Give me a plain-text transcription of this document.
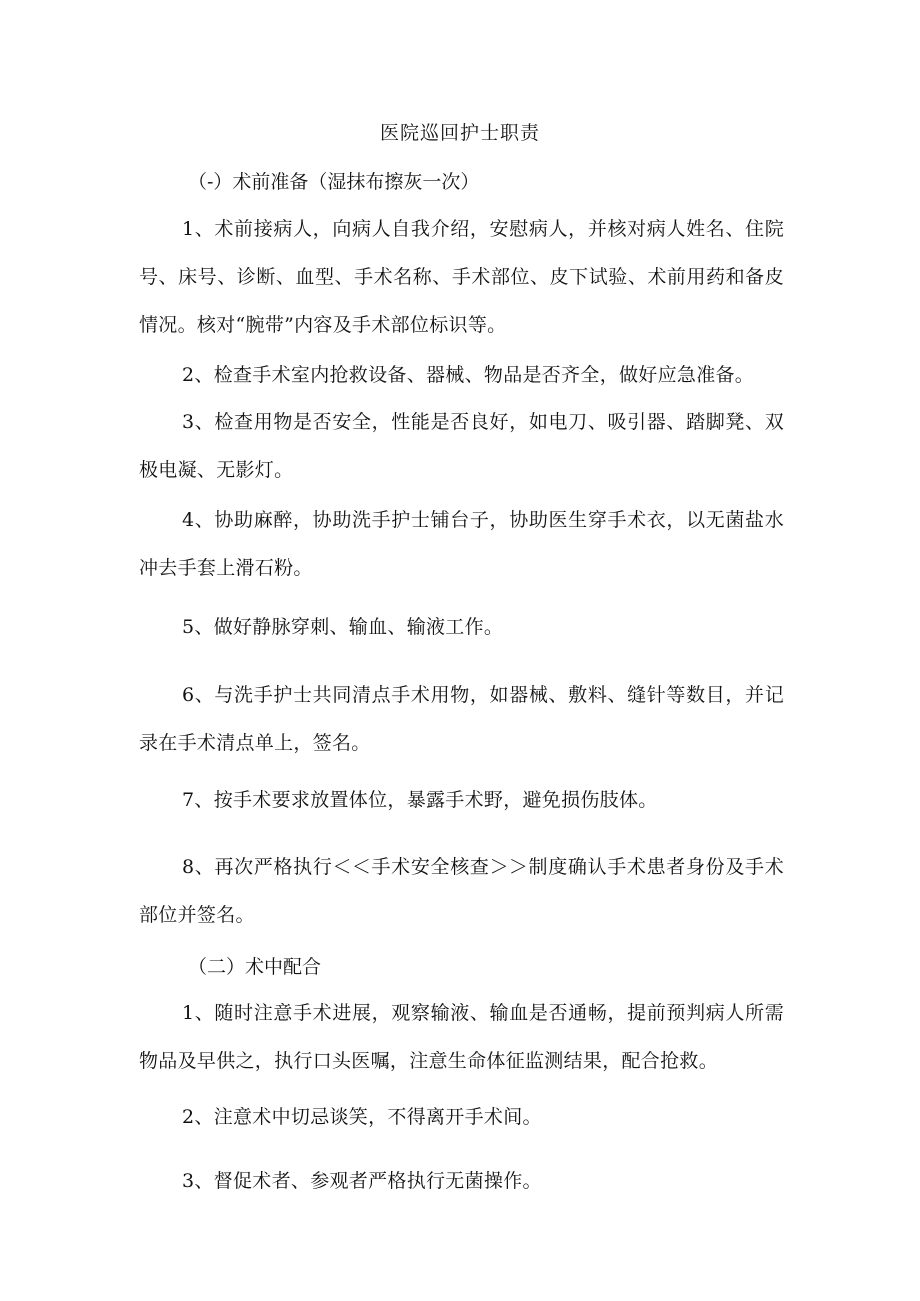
医院巡回护士职责
（-）术前准备（湿抹布擦灰一次）

1、术前接病人，向病人自我介绍，安慰病人，并核对病人姓名、住院号、床号、诊断、血型、手术名称、手术部位、皮下试验、术前用药和备皮情况。核对“腕带”内容及手术部位标识等。

2、检查手术室内抢救设备、器械、物品是否齐全，做好应急准备。

3、检查用物是否安全，性能是否良好，如电刀、吸引器、踏脚凳、双极电凝、无影灯。

4、协助麻醉，协助洗手护士铺台子，协助医生穿手术衣，以无菌盐水冲去手套上滑石粉。

5、做好静脉穿刺、输血、输液工作。

6、与洗手护士共同清点手术用物，如器械、敷料、缝针等数目，并记录在手术清点单上，签名。

7、按手术要求放置体位，暴露手术野，避免损伤肢体。

8、再次严格执行＜＜手术安全核查＞＞制度确认手术患者身份及手术部位并签名。

（二）术中配合

1、随时注意手术进展，观察输液、输血是否通畅，提前预判病人所需物品及早供之，执行口头医嘱，注意生命体征监测结果，配合抢救。

2、注意术中切忌谈笑，不得离开手术间。

3、督促术者、参观者严格执行无菌操作。
